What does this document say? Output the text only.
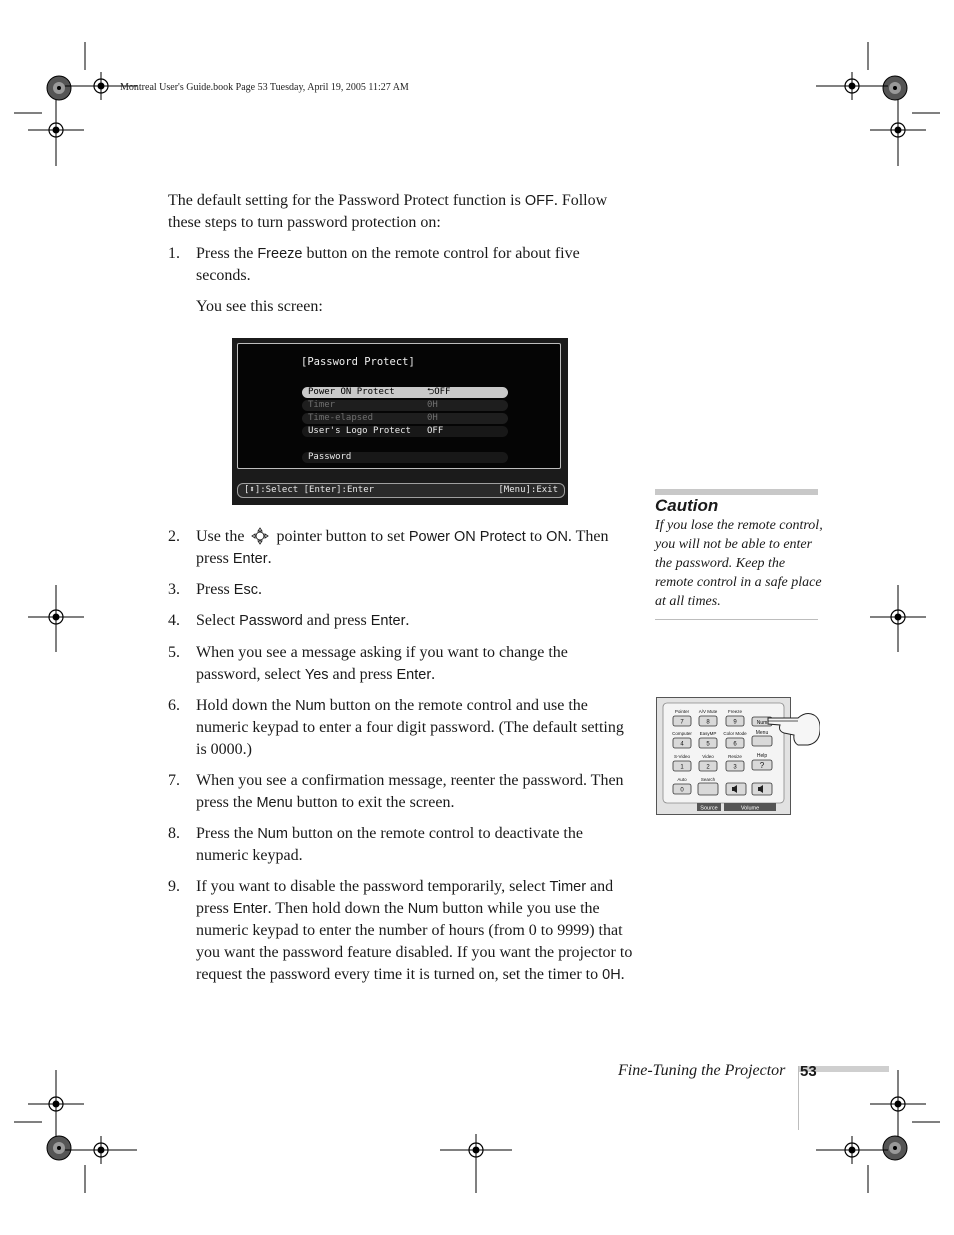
Montreal User's Guide.book Page 53 Tuesday, April 19, 2005 11:27 AM
The default setting for the Password Protect function is OFF. Follow these steps to turn password protection on:
1.	Press the Freeze button on the remote control for about five seconds.
2.	Use the  pointer button to set Power ON Protect to ON. Then press Enter.
3.	Press Esc.
4.	Select Password and press Enter.
5.	When you see a message asking if you want to change the password, select Yes and press Enter.
6.	Hold down the Num button on the remote control and use the numeric keypad to enter a four digit password. (The default setting is 0000.)
7.	When you see a confirmation message, reenter the password. Then press the Menu button to exit the screen.
8.	Press the Num button on the remote control to deactivate the numeric keypad.
9.	If you want to disable the password temporarily, select Timer and press Enter. Then hold down the Num button while you use the numeric keypad to enter the number of hours (from 0 to 9999) that you want the password feature disabled. If you want the projector to request the password every time it is turned on, set the timer to 0H.
You see this screen:
[Password Protect]
Power ON Protect	⮌OFF
Timer	0H
Time-elapsed	0H
User's Logo Protect OFF
Password
[⬍]:Select [Enter]:Enter	[Menu]:Exit
Caution
If you lose the remote control, you will not be able to enter the password. Keep the remote control in a safe place at all times.
Pointer
7
A/V Mute
8
Freeze
9
Computer
4
EasyMP
5
Color Mode
6
S-Video
1
Video
2
Resize
3
Auto
0
Search
Num
Menu
Help
?
Source	Volume
Fine-Tuning the Projector 53
